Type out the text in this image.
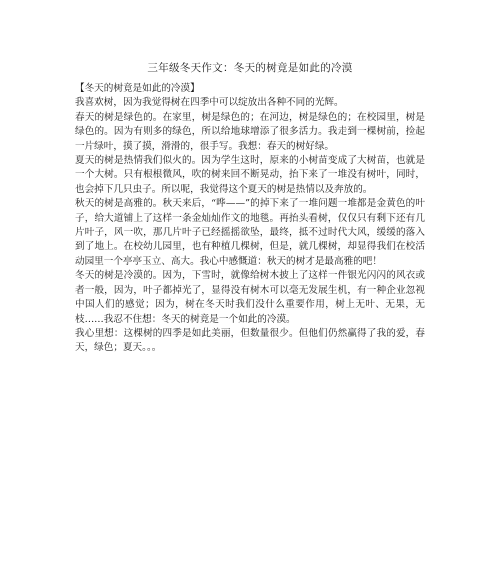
三年级冬天作文：冬天的树竟是如此的冷漠

【冬天的树竟是如此的冷漠】

我喜欢树，因为我觉得树在四季中可以绽放出各种不同的光辉。

春天的树是绿色的。在家里，树是绿色的；在河边，树是绿色的；在校园里，树是绿色的。因为有则多的绿色，所以给地球增添了很多活力。我走到一棵树前，捡起一片绿叶，摸了摸，滑滑的，很手写。我想：春天的树好绿。

夏天的树是热情我们似火的。因为学生这时，原来的小树苗变成了大树苗，也就是一个大树。只有根根微风，吹的树来回不断晃动，抬下来了一堆没有树叶，同时，也会掉下几只虫子。所以呢，我觉得这个夏天的树是热情以及奔放的。

秋天的树是高雅的。秋天来后，“哗——”的掉下来了一堆问题一堆都是金黄色的叶子，给大道铺上了这样一条金灿灿作文的地毯。再抬头看树，仅仅只有剩下还有几片叶子，风一吹，那几片叶子已经摇摇欲坠，最终，抵不过时代大风，缓缓的落入到了地上。在校幼儿园里，也有种植几棵树，但是，就几棵树，却显得我们在校活动园里一个亭亭玉立、高大。我心中感慨道：秋天的树才是最高雅的吧！

冬天的树是冷漠的。因为，下雪时，就像给树木披上了这样一件银光闪闪的风衣或者一般，因为，叶子都掉光了，显得没有树木可以毫无发展生机，有一种企业忽视中国人们的感觉；因为，树在冬天时我们没什么重要作用，树上无叶、无果，无枝……我忍不住想：冬天的树竟是一个如此的冷漠。

我心里想：这棵树的四季是如此美丽，但数量很少。但他们仍然赢得了我的爱，春天，绿色；夏天。。。
